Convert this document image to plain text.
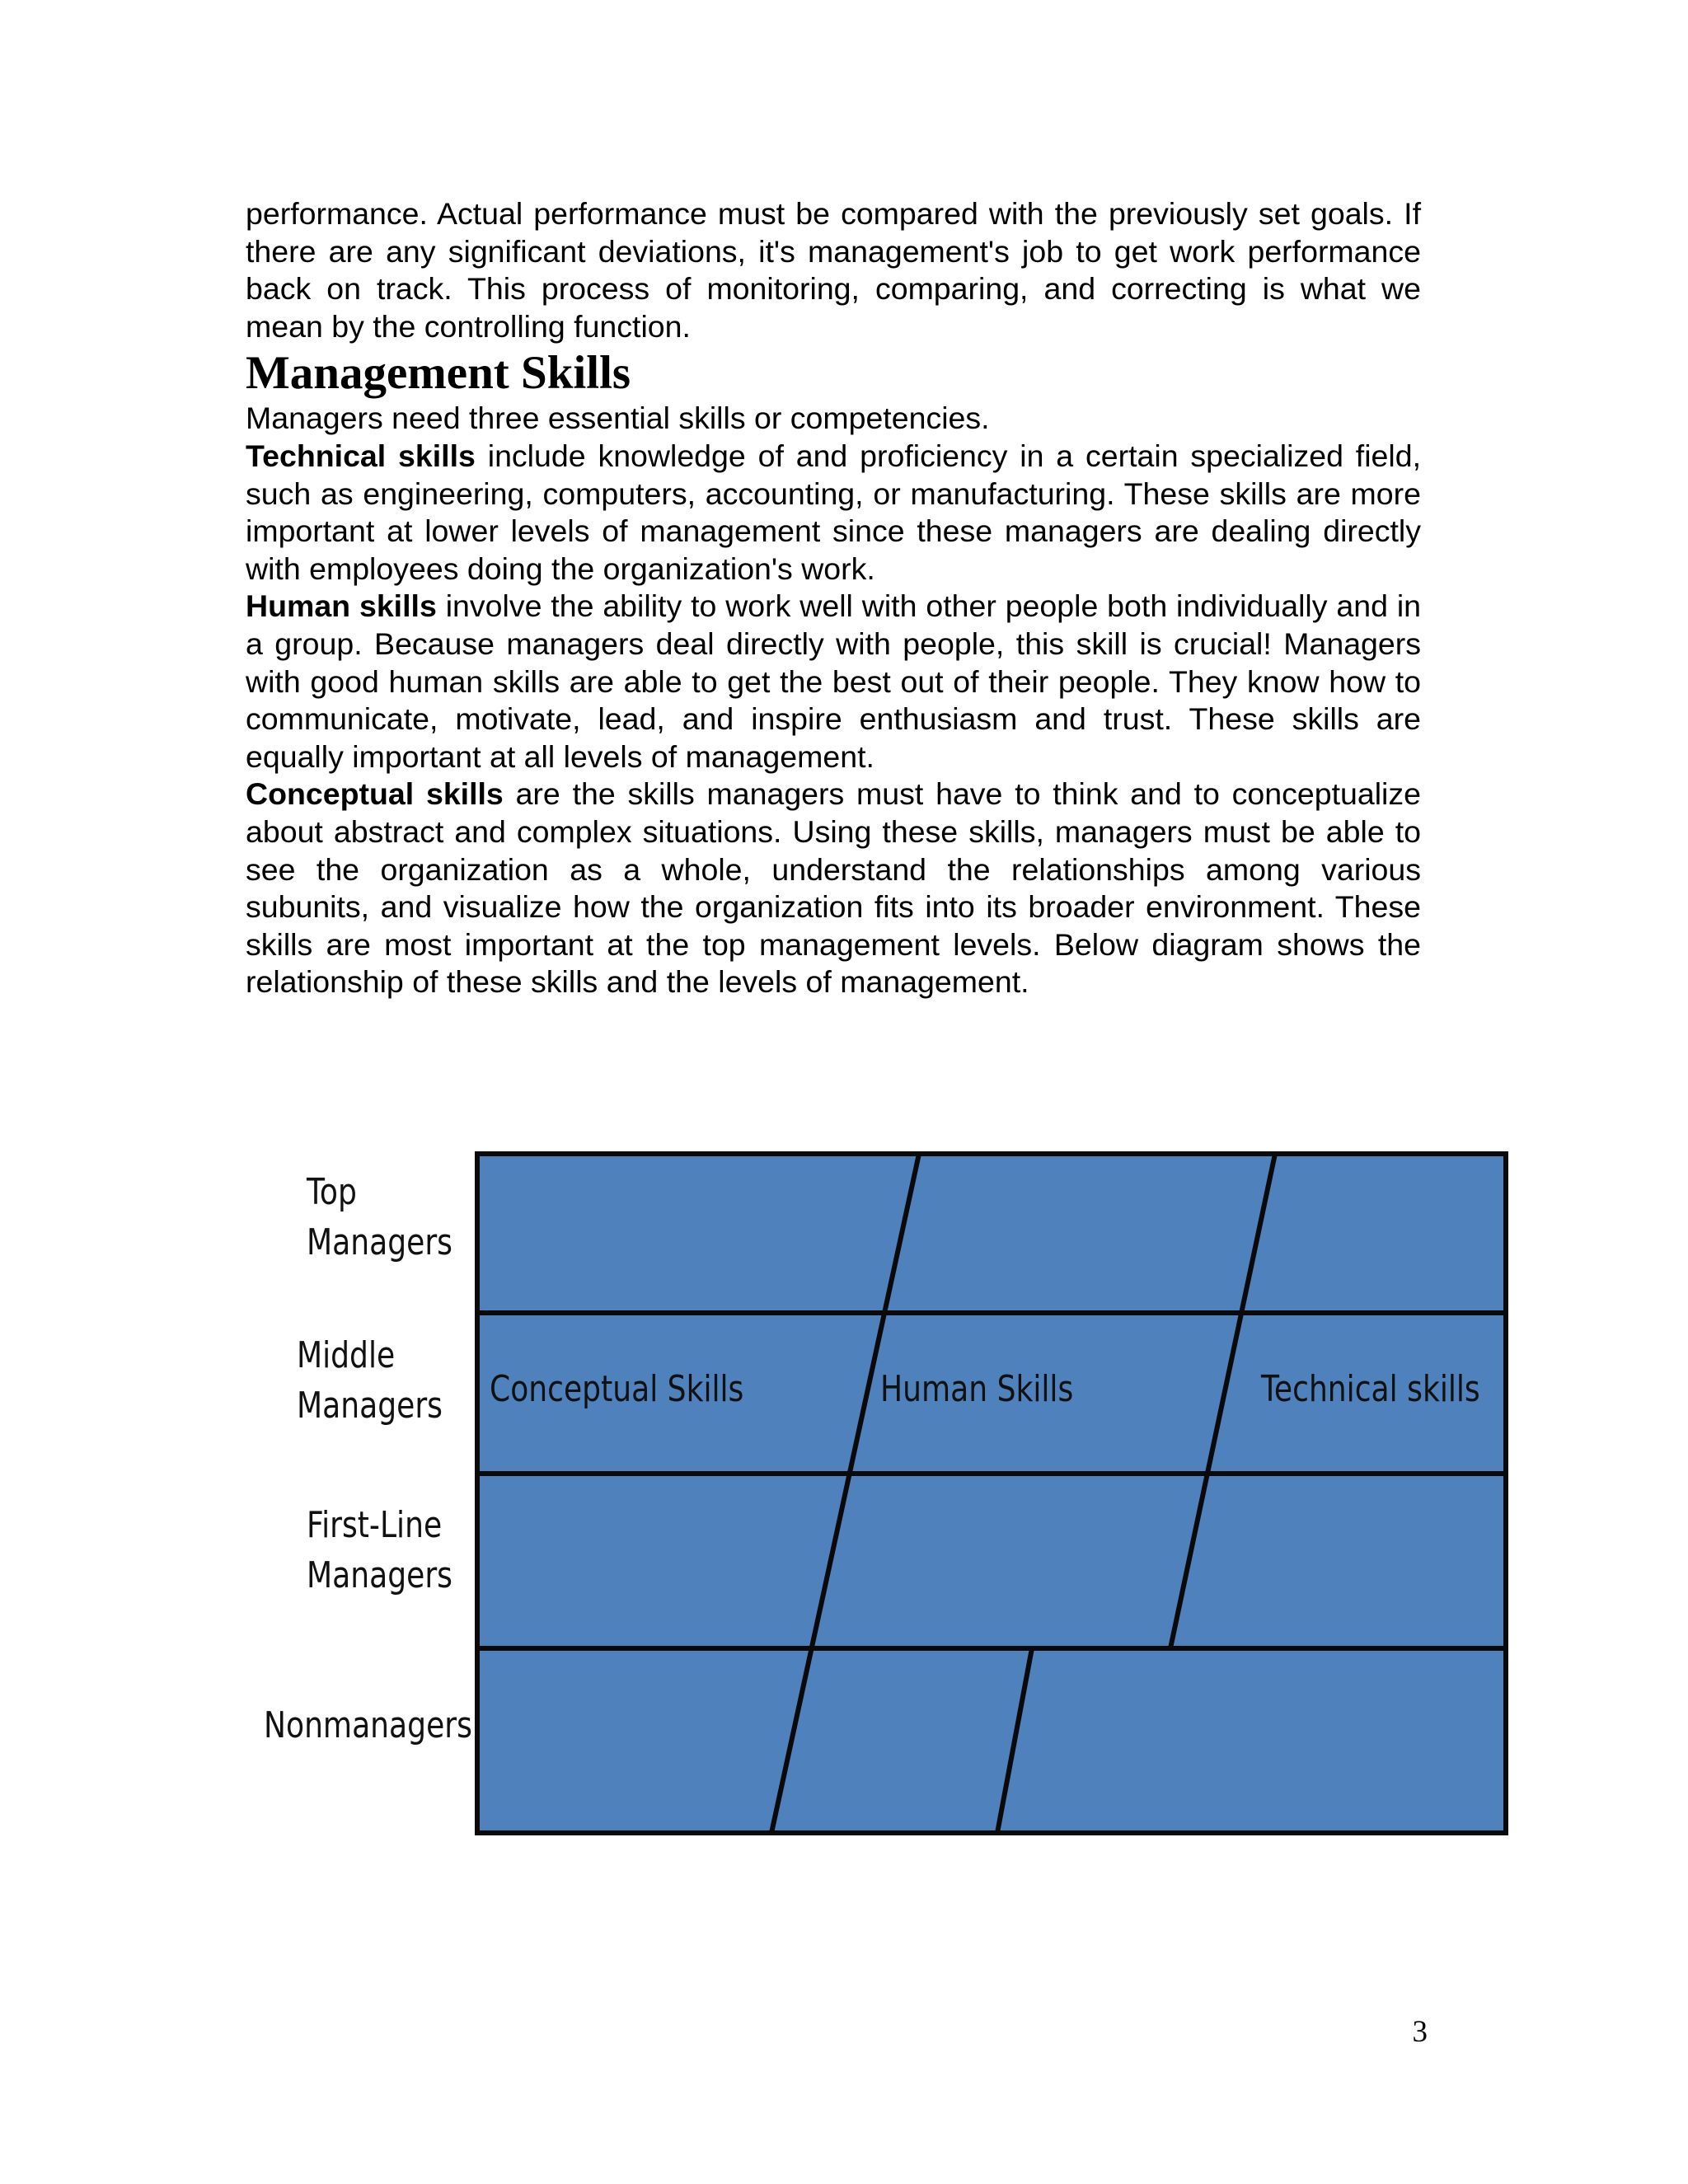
performance. Actual performance must be compared with the previously set goals. If there are any significant deviations, it's management's job to get work performance back on track. This process of monitoring, comparing, and correcting is what we mean by the controlling function.

Management Skills

Managers need three essential skills or competencies.

Technical skills include knowledge of and proficiency in a certain specialized field, such as engineering, computers, accounting, or manufacturing. These skills are more important at lower levels of management since these managers are dealing directly with employees doing the organization's work.

Human skills involve the ability to work well with other people both individually and in a group. Because managers deal directly with people, this skill is crucial! Managers with good human skills are able to get the best out of their people. They know how to communicate, motivate, lead, and inspire enthusiasm and trust. These skills are equally important at all levels of management.

Conceptual skills are the skills managers must have to think and to conceptualize about abstract and complex situations. Using these skills, managers must be able to see the organization as a whole, understand the relationships among various subunits, and visualize how the organization fits into its broader environment. These skills are most important at the top management levels. Below diagram shows the relationship of these skills and the levels of management.

Top
Managers
Middle
Managers
First-Line
Managers
Nonmanagers
Conceptual Skills	Human Skills	Technical skills
3
